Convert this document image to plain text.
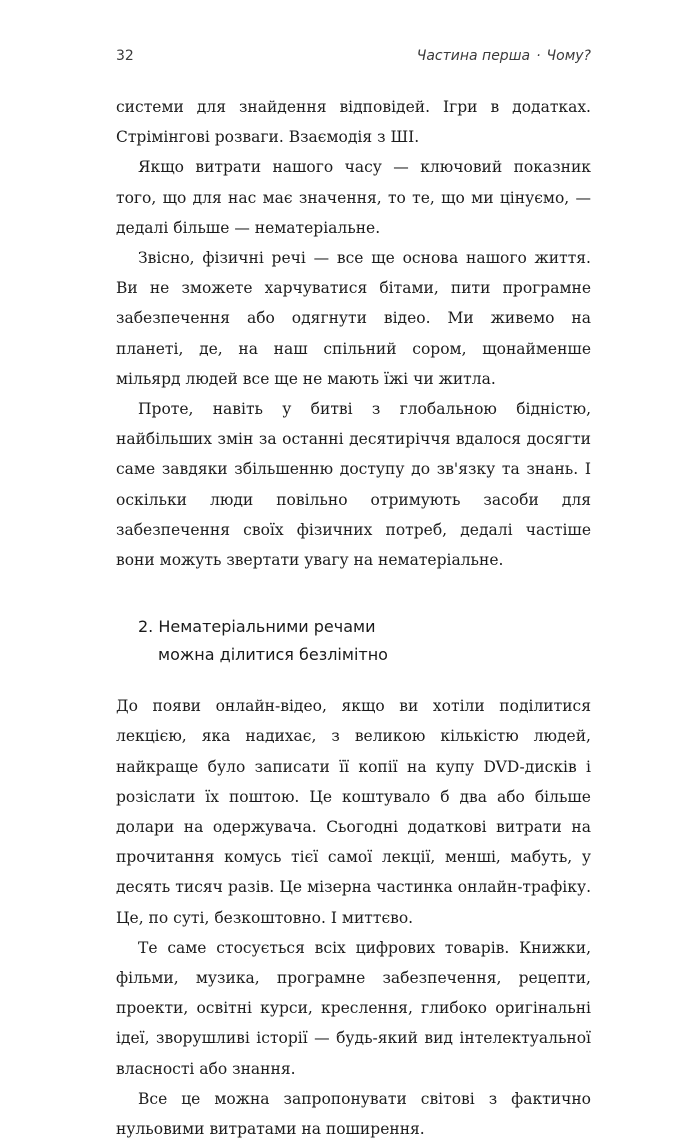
32	Частина перша · Чому?

системи для знайдення відповідей. Ігри в додатках. Стрімінгові розваги. Взаємодія з ШІ.

Якщо витрати нашого часу — ключовий показник того, що для нас має значення, то те, що ми цінуємо, — дедалі більше — нематеріальне.

Звісно, фізичні речі — все ще основа нашого життя. Ви не зможете харчуватися бітами, пити програмне забезпечення або одягнути відео. Ми живемо на планеті, де, на наш спільний сором, щонайменше мільярд людей все ще не мають їжі чи житла.

Проте, навіть у битві з глобальною бідністю, найбільших змін за останні десятиріччя вдалося досягти саме завдяки збільшенню доступу до зв'язку та знань. І оскільки люди повільно отримують засоби для забезпечення своїх фізичних потреб, дедалі частіше вони можуть звертати увагу на нематеріальне.

2. Нематеріальними речами
можна ділитися безлімітно

До появи онлайн-відео, якщо ви хотіли поділитися лекцією, яка надихає, з великою кількістю людей, найкраще було записати її копії на купу DVD-дисків і розіслати їх поштою. Це коштувало б два або більше долари на одержувача. Сьогодні додаткові витрати на прочитання комусь тієї самої лекції, менші, мабуть, у десять тисяч разів. Це мізерна частинка онлайн-трафіку. Це, по суті, безкоштовно. І миттєво.

Те саме стосується всіх цифрових товарів. Книжки, фільми, музика, програмне забезпечення, рецепти, проекти, освітні курси, креслення, глибоко оригінальні ідеї, зворушливі історії — будь-який вид інтелектуальної власності або знання.

Все це можна запропонувати світові з фактично нульовими витратами на поширення.
